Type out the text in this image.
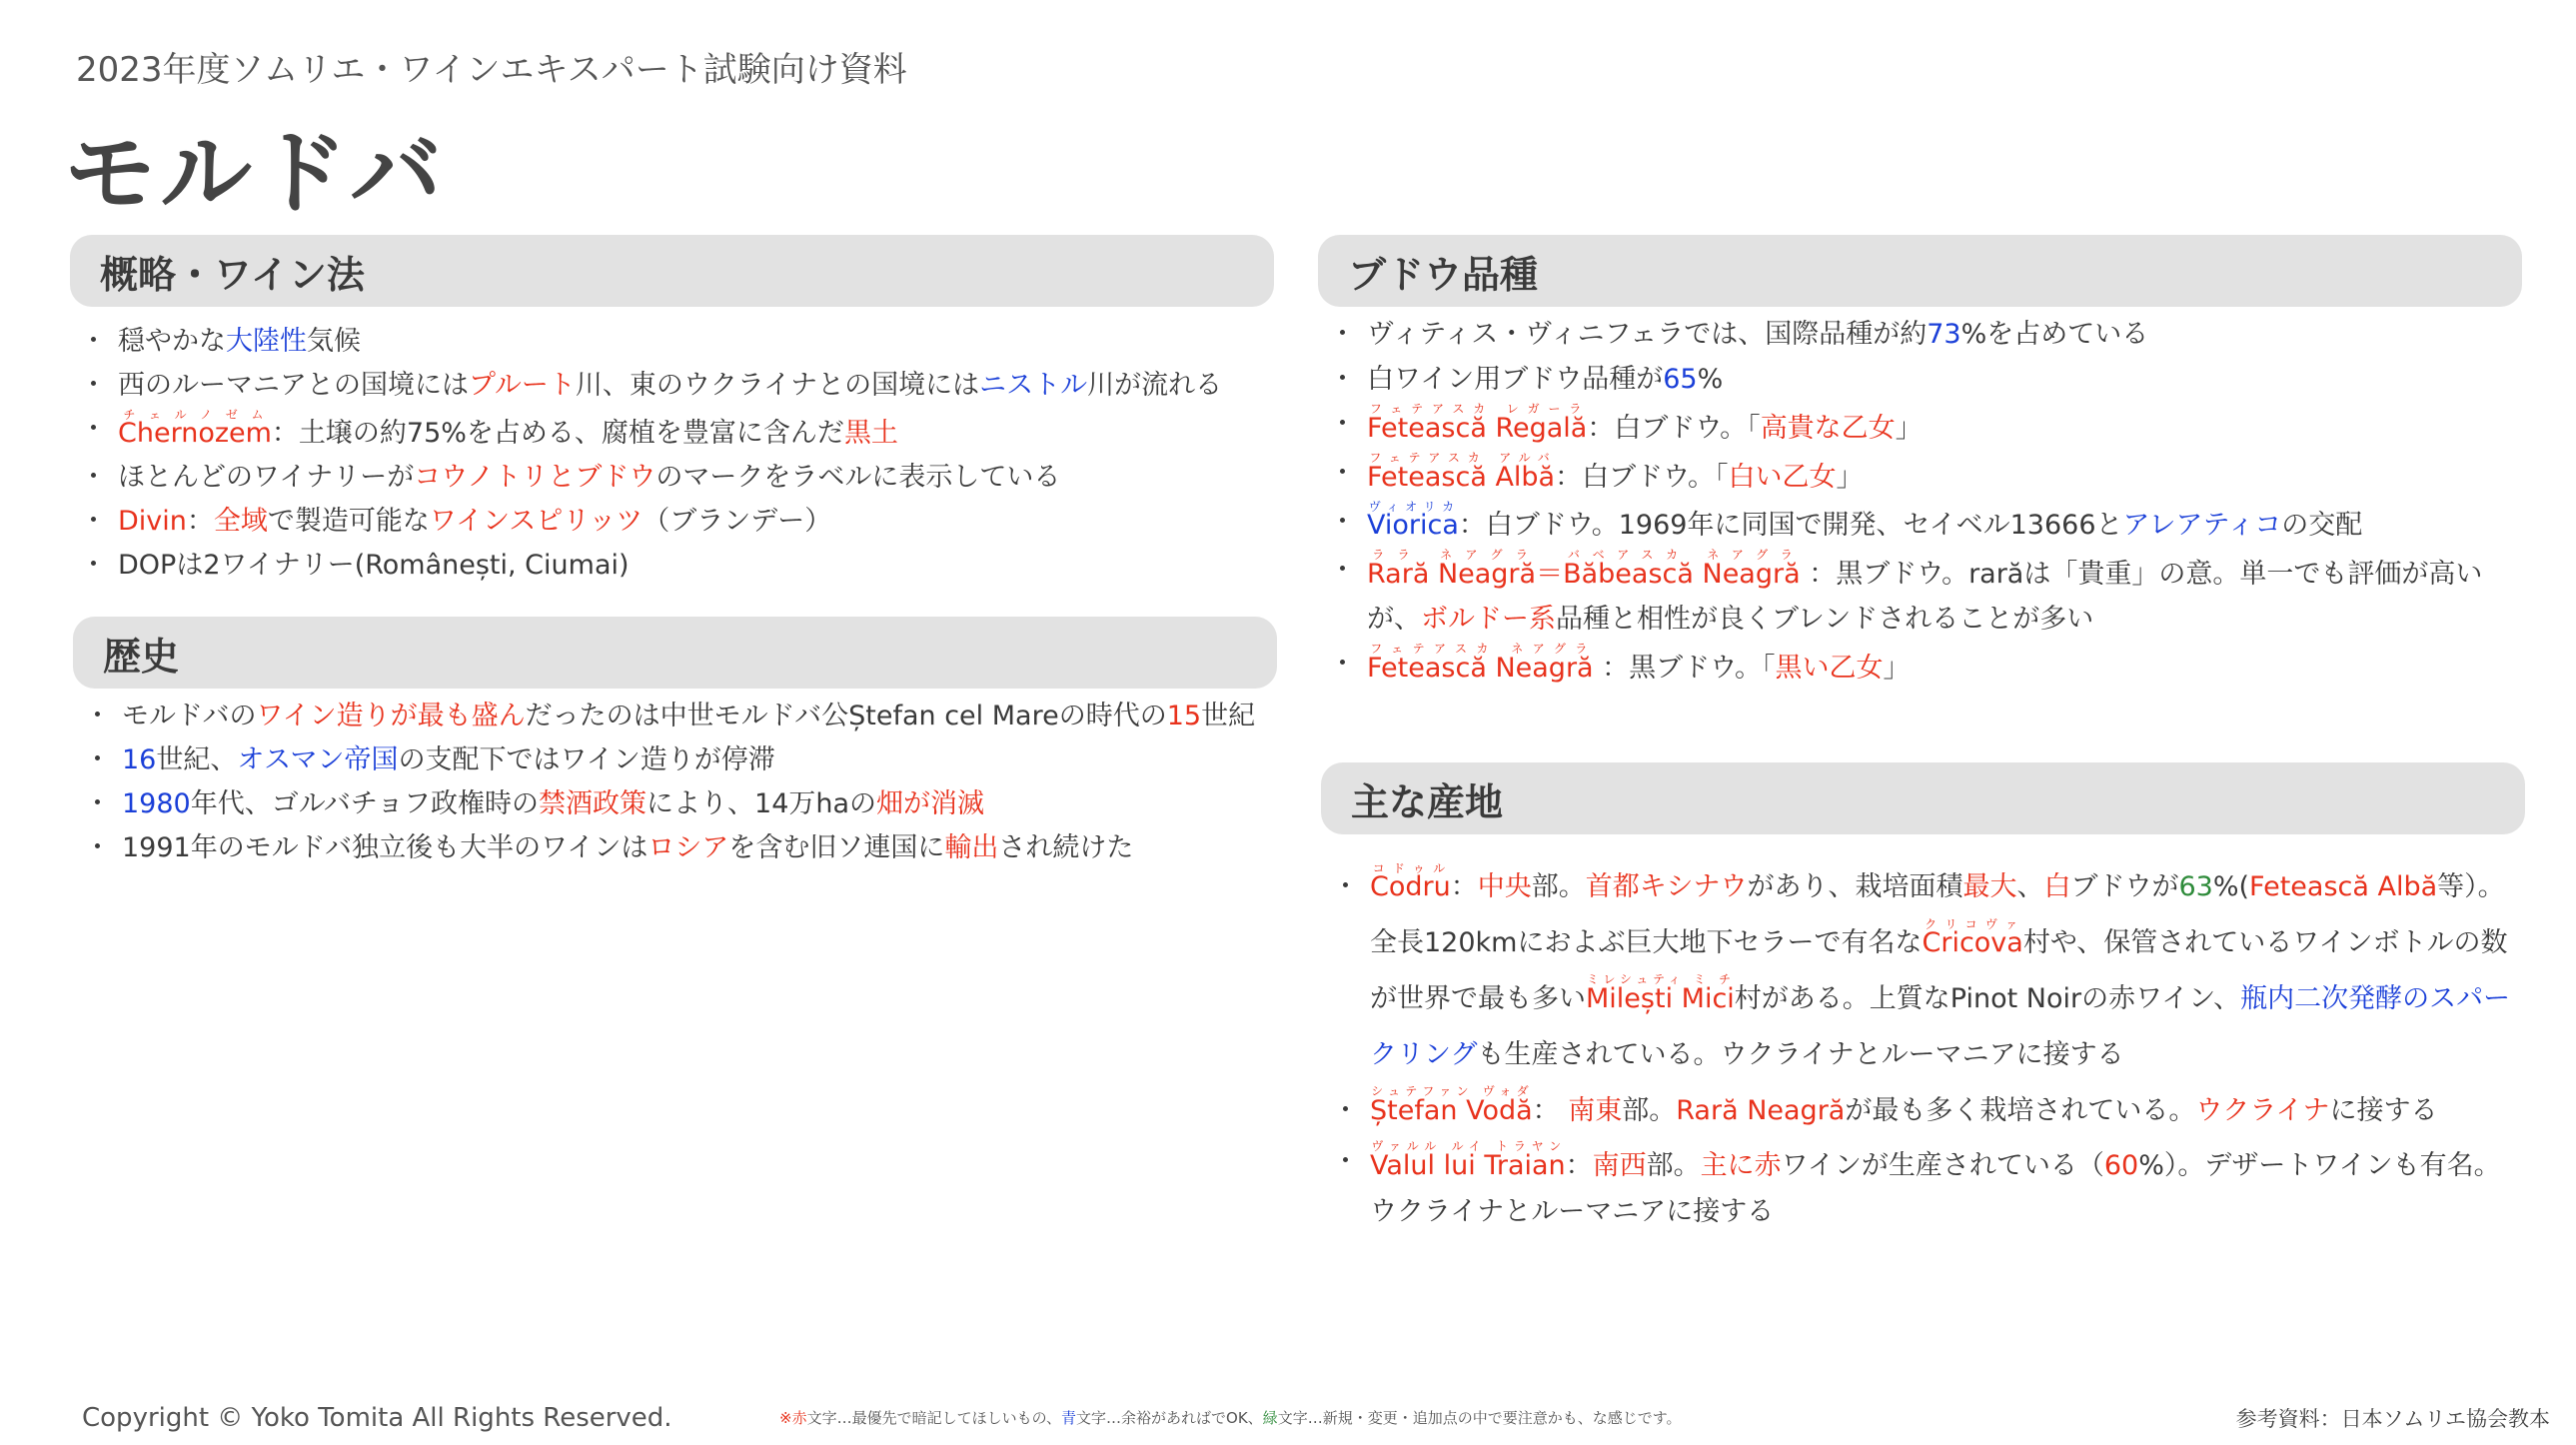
2023年度ソムリエ・ワインエキスパート試験向け資料
モルドバ
概略・ワイン法
・ 穏やかな大陸性気候
・ 西のルーマニアとの国境にはプルート川、東のウクライナとの国境にはニストル川が流れる
・ Chernozemチェルノゼム：土壌の約75%を占める、腐植を豊富に含んだ黒土
・ ほとんどのワイナリーがコウノトリとブドウのマークをラベルに表示している
・ Divin：全域で製造可能なワインスピリッツ（ブランデー）
・ DOPは2ワイナリー(Românești, Ciumai)
歴史
・ モルドバのワイン造りが最も盛んだったのは中世モルドバ公Ștefan cel Mareの時代の15世紀
・ 16世紀、オスマン帝国の支配下ではワイン造りが停滞
・ 1980年代、ゴルバチョフ政権時の禁酒政策により、14万haの畑が消滅
・ 1991年のモルドバ独立後も大半のワインはロシアを含む旧ソ連国に輸出され続けた
ブドウ品種
・ ヴィティス・ヴィニフェラでは、国際品種が約73%を占めている
・ 白ワイン用ブドウ品種が65%
・ Fetească Regalăフェテアスカ レガーラ：白ブドウ。「高貴な乙女」
・ Fetească Albăフェテアスカ アルバ：白ブドウ。「白い乙女」
・ Vioricaヴィオリカ：白ブドウ。1969年に同国で開発、セイベル13666とアレアティコの交配
・ Rară Neagrăララ ネアグラ＝Băbească Neagrăバベアスカ ネアグラ ：黒ブドウ。rarăは「貴重」の意。単一でも評価が高いが、ボルドー系品種と相性が良くブレンドされることが多い
・ Fetească Neagrăフェテアスカ ネアグラ ：黒ブドウ。「黒い乙女」
主な産地
・ Codruコドゥル：中央部。首都キシナウがあり、栽培面積最大、白ブドウが63%(Fetească Albă等）。全長120kmにおよぶ巨大地下セラーで有名なCricovaクリコヴァ村や、保管されているワインボトルの数が世界で最も多いMilești Miciミレシュティ ミ チ村がある。上質なPinot Noirの赤ワイン、瓶内二次発酵のスパークリングも生産されている。ウクライナとルーマニアに接する
・ Ștefan Vodăシュテファン ヴォダ： 南東部。Rară Neagrăが最も多く栽培されている。ウクライナに接する
・ Valul lui Traianヴァルル ルイ トラヤン：南西部。主に赤ワインが生産されている（60%）。デザートワインも有名。ウクライナとルーマニアに接する
Copyright © Yoko Tomita All Rights Reserved.	※赤文字…最優先で暗記してほしいもの、青文字…余裕があればでOK、緑文字…新規・変更・追加点の中で要注意かも、な感じです。	参考資料：日本ソムリエ協会教本
